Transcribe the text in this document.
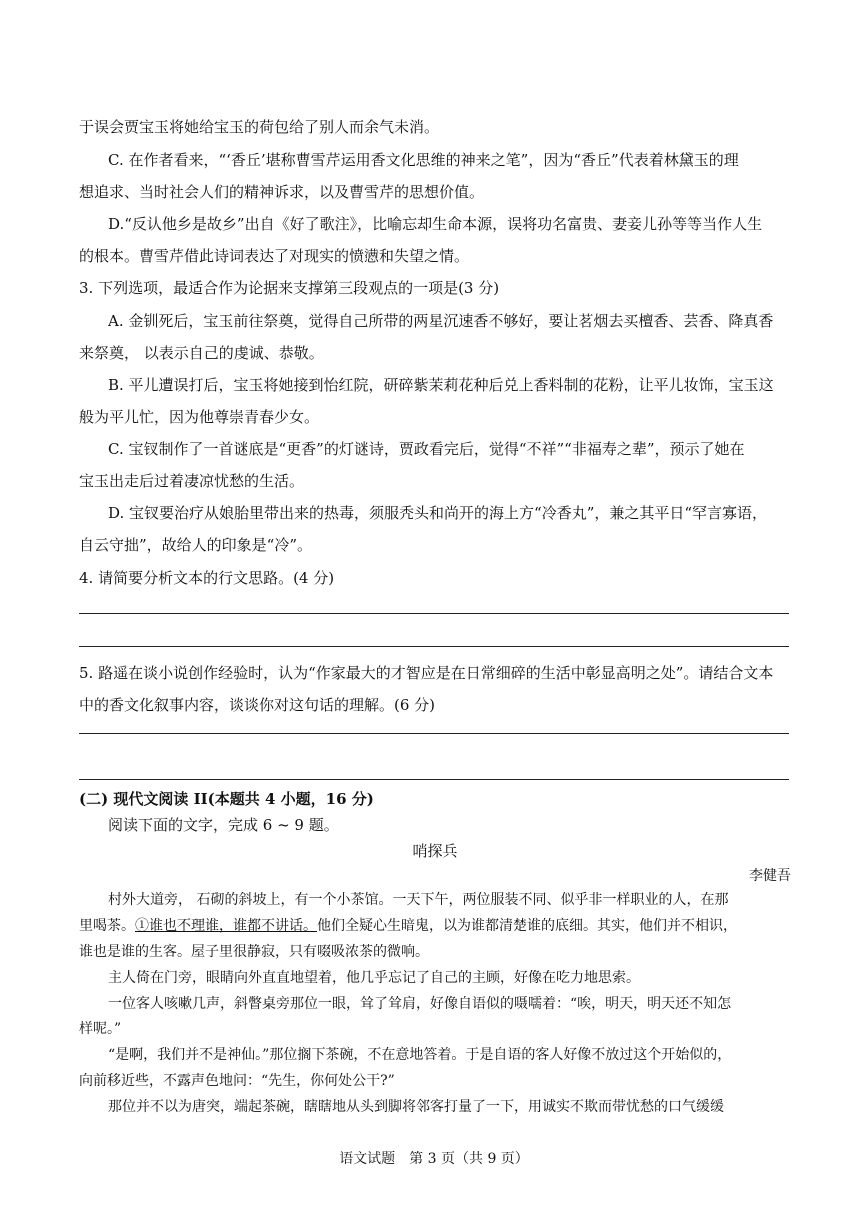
于误会贾宝玉将她给宝玉的荷包给了别人而余气未消。
C. 在作者看来，“‘香丘’堪称曹雪芹运用香文化思维的神来之笔”，因为“香丘”代表着林黛玉的理
想追求、当时社会人们的精神诉求，以及曹雪芹的思想价值。
D.“反认他乡是故乡”出自《好了歌注》，比喻忘却生命本源，误将功名富贵、妻妾儿孙等等当作人生
的根本。曹雪芹借此诗词表达了对现实的愤懑和失望之情。
3. 下列选项，最适合作为论据来支撑第三段观点的一项是(3 分)
A. 金钏死后，宝玉前往祭奠，觉得自己所带的两星沉速香不够好，要让茗烟去买檀香、芸香、降真香
来祭奠， 以表示自己的虔诚、恭敬。
B. 平儿遭误打后，宝玉将她接到怡红院，研碎紫茉莉花种后兑上香料制的花粉，让平儿妆饰，宝玉这
般为平儿忙，因为他尊崇青春少女。
C. 宝钗制作了一首谜底是“更香”的灯谜诗，贾政看完后，觉得“不祥”“非福寿之辈”，预示了她在
宝玉出走后过着凄凉忧愁的生活。
D. 宝钗要治疗从娘胎里带出来的热毒，须服秃头和尚开的海上方“冷香丸”，兼之其平日“罕言寡语，
自云守拙”，故给人的印象是“冷”。
4. 请简要分析文本的行文思路。(4 分)
5. 路遥在谈小说创作经验时，认为“作家最大的才智应是在日常细碎的生活中彰显高明之处”。请结合文本
中的香文化叙事内容，谈谈你对这句话的理解。(6 分)
(二) 现代文阅读 II(本题共 4 小题，16 分)
阅读下面的文字，完成 6 ~ 9 题。
哨探兵
李健吾
村外大道旁， 石砌的斜坡上，有一个小茶馆。一天下午，两位服装不同、似乎非一样职业的人，在那
里喝茶。①谁也不理谁，谁都不讲话。他们全疑心生暗鬼，以为谁都清楚谁的底细。其实，他们并不相识，
谁也是谁的生客。屋子里很静寂，只有啜吸浓茶的微响。
主人倚在门旁，眼睛向外直直地望着，他几乎忘记了自己的主顾，好像在吃力地思索。
一位客人咳嗽几声，斜瞥桌旁那位一眼，耸了耸肩，好像自语似的嗫嚅着：“唉，明天，明天还不知怎
样呢。”
“是啊，我们并不是神仙。”那位搁下茶碗，不在意地答着。于是自语的客人好像不放过这个开始似的，
向前移近些，不露声色地问：“先生，你何处公干?”
那位并不以为唐突，端起茶碗，瞎瞎地从头到脚将邻客打量了一下，用诚实不欺而带忧愁的口气缓缓
语文试题　第 3 页（共 9 页）
